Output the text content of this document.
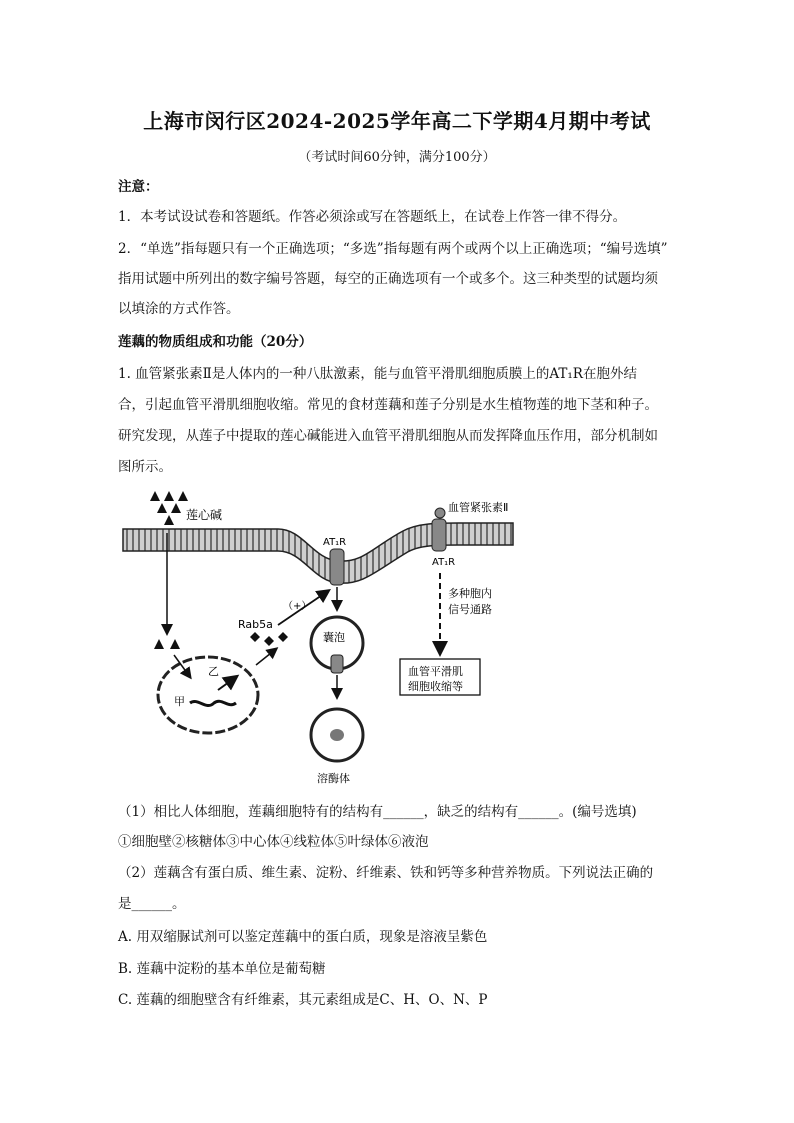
上海市闵行区2024-2025学年高二下学期4月期中考试
（考试时间60分钟，满分100分）
注意：
1．本考试设试卷和答题纸。作答必须涂或写在答题纸上，在试卷上作答一律不得分。
2．“单选”指每题只有一个正确选项；“多选”指每题有两个或两个以上正确选项；“编号选填”
指用试题中所列出的数字编号答题，每空的正确选项有一个或多个。这三种类型的试题均须
以填涂的方式作答。
莲藕的物质组成和功能（20分）
1. 血管紧张素Ⅱ是人体内的一种八肽激素，能与血管平滑肌细胞质膜上的AT₁R在胞外结
合，引起血管平滑肌细胞收缩。常见的食材莲藕和莲子分别是水生植物莲的地下茎和种子。
研究发现，从莲子中提取的莲心碱能进入血管平滑肌细胞从而发挥降血压作用，部分机制如
图所示。
莲心碱
AT₁R
血管紧张素Ⅱ
AT₁R
多种胞内
信号通路
血管平滑肌
细胞收缩等
甲
乙
Rab5a
（+）
囊泡
溶酶体
（1）相比人体细胞，莲藕细胞特有的结构有______，缺乏的结构有______。(编号选填)
①细胞壁②核糖体③中心体④线粒体⑤叶绿体⑥液泡
（2）莲藕含有蛋白质、维生素、淀粉、纤维素、铁和钙等多种营养物质。下列说法正确的
是______。
A. 用双缩脲试剂可以鉴定莲藕中的蛋白质，现象是溶液呈紫色
B. 莲藕中淀粉的基本单位是葡萄糖
C. 莲藕的细胞壁含有纤维素，其元素组成是C、H、O、N、P
